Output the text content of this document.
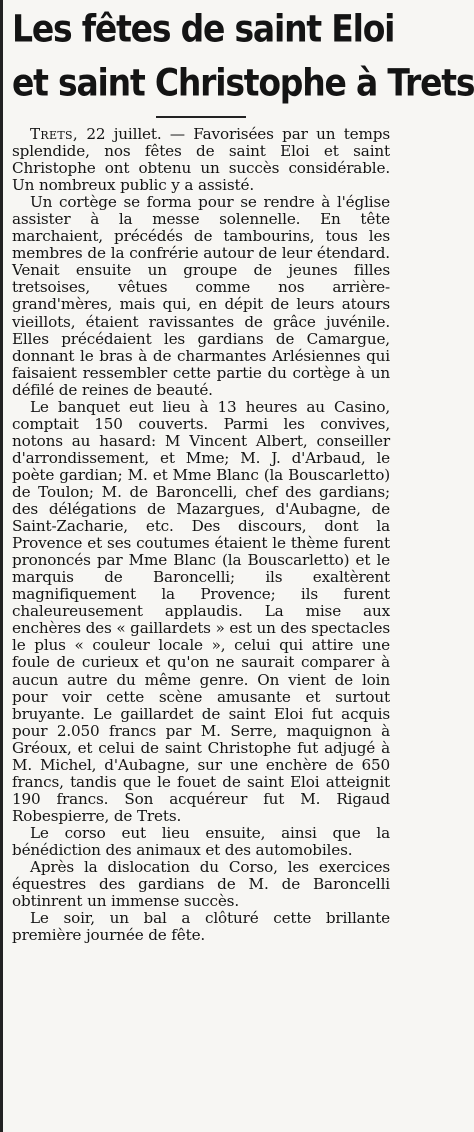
Les fêtes de saint Eloi
et saint Christophe à Trets

Trets, 22 juillet. — Favorisées par un temps splendide, nos fêtes de saint Eloi et saint Christophe ont obtenu un succès considérable. Un nombreux public y a assisté.

Un cortège se forma pour se rendre à l'église assister à la messe solennelle. En tête marchaient, précédés de tambourins, tous les membres de la confrérie autour de leur étendard. Venait ensuite un groupe de jeunes filles tretsoises, vêtues comme nos arrière-grand'mères, mais qui, en dépit de leurs atours vieillots, étaient ravissantes de grâce juvénile. Elles précédaient les gardians de Camargue, donnant le bras à de charmantes Arlésiennes qui faisaient ressembler cette partie du cortège à un défilé de reines de beauté.

Le banquet eut lieu à 13 heures au Casino, comptait 150 couverts. Parmi les convives, notons au hasard: M Vincent Albert, conseiller d'arrondissement, et Mme; M. J. d'Arbaud, le poète gardian; M. et Mme Blanc (la Bouscarletto) de Toulon; M. de Baroncelli, chef des gardians; des délégations de Mazargues, d'Aubagne, de Saint-Zacharie, etc. Des discours, dont la Provence et ses coutumes étaient le thème furent prononcés par Mme Blanc (la Bouscarletto) et le marquis de Baroncelli; ils exaltèrent magnifiquement la Provence; ils furent chaleureusement applaudis. La mise aux enchères des « gaillardets » est un des spectacles le plus « couleur locale », celui qui attire une foule de curieux et qu'on ne saurait comparer à aucun autre du même genre. On vient de loin pour voir cette scène amusante et surtout bruyante. Le gaillardet de saint Eloi fut acquis pour 2.050 francs par M. Serre, maquignon à Gréoux, et celui de saint Christophe fut adjugé à M. Michel, d'Aubagne, sur une enchère de 650 francs, tandis que le fouet de saint Eloi atteignit 190 francs. Son acquéreur fut M. Rigaud Robespierre, de Trets.

Le corso eut lieu ensuite, ainsi que la bénédiction des animaux et des automobiles.

Après la dislocation du Corso, les exercices équestres des gardians de M. de Baroncelli obtinrent un immense succès.

Le soir, un bal a clôturé cette brillante première journée de fête.
